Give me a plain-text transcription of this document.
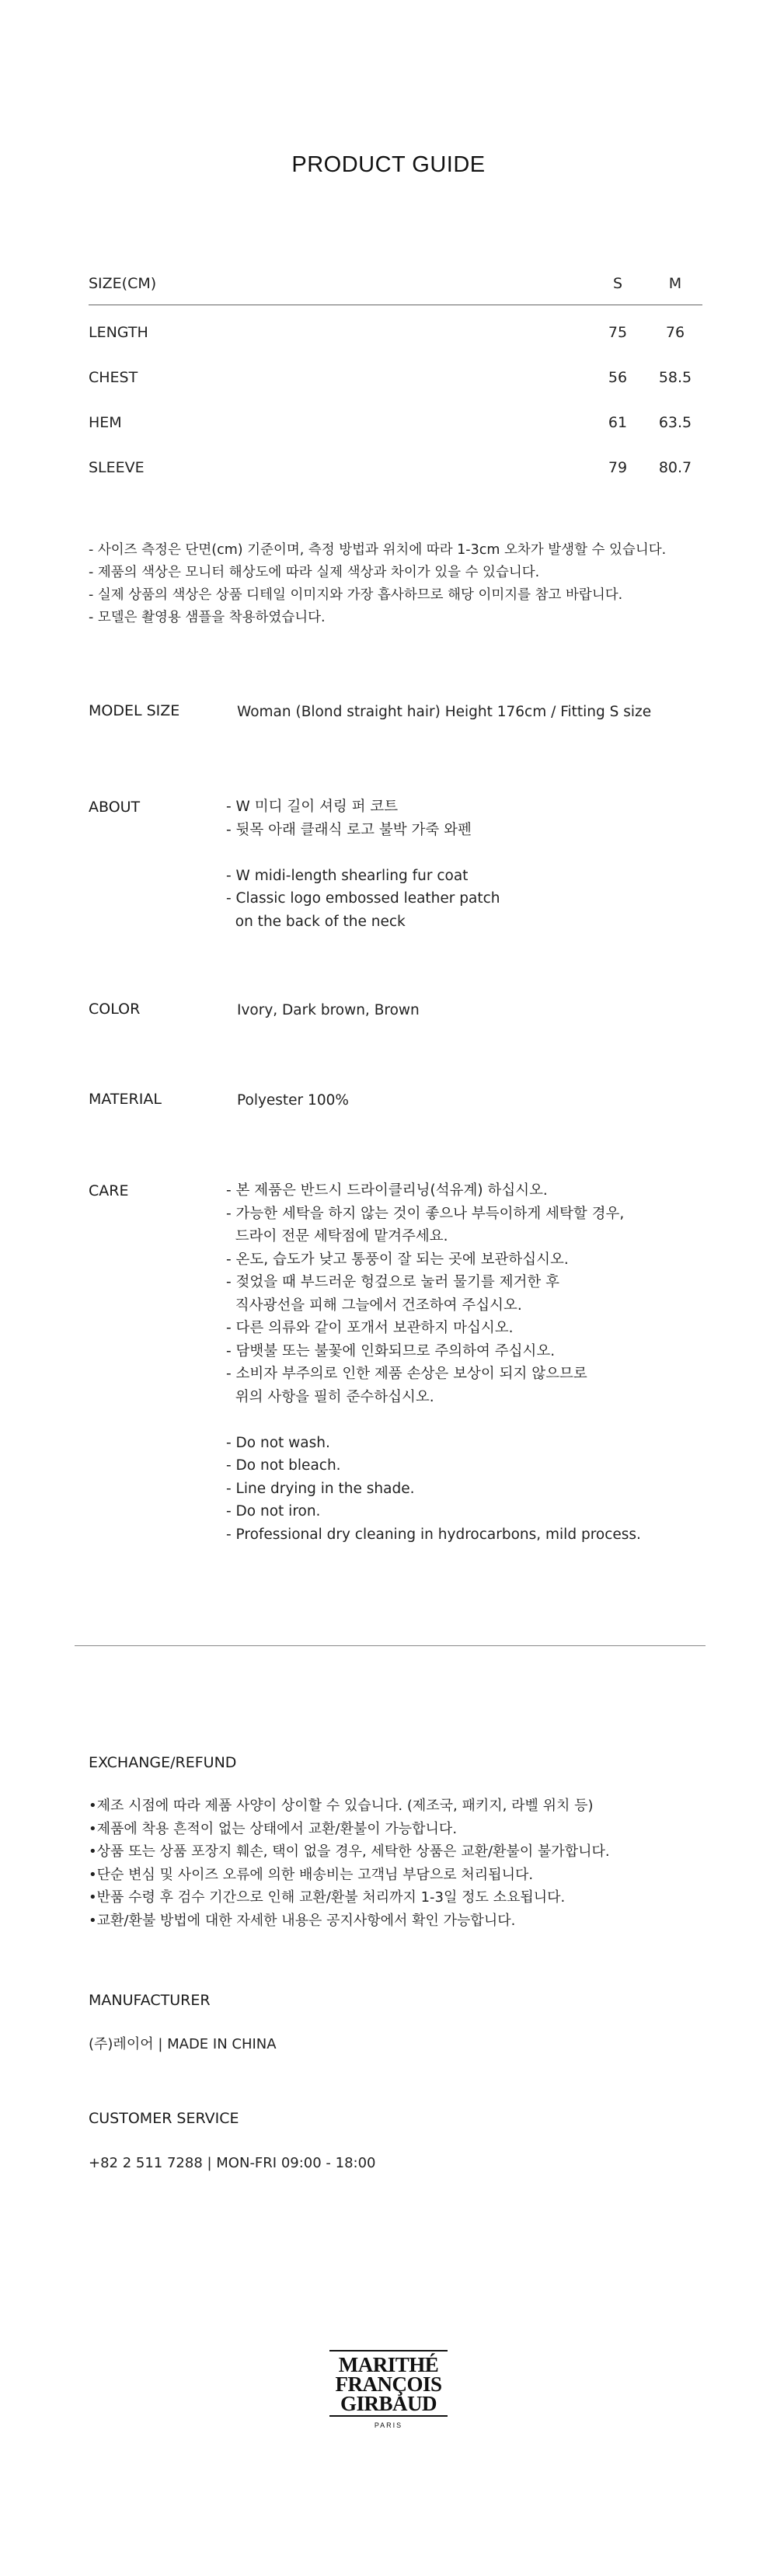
PRODUCT GUIDE
SIZE(CM)	S	M
LENGTH	75	76
CHEST	56	58.5
HEM	61	63.5
SLEEVE	79	80.7
- 사이즈 측정은 단면(cm) 기준이며, 측정 방법과 위치에 따라 1-3cm 오차가 발생할 수 있습니다.
- 제품의 색상은 모니터 해상도에 따라 실제 색상과 차이가 있을 수 있습니다.
- 실제 상품의 색상은 상품 디테일 이미지와 가장 흡사하므로 해당 이미지를 참고 바랍니다.
- 모델은 촬영용 샘플을 착용하였습니다.
MODEL SIZE	Woman (Blond straight hair) Height 176cm / Fitting S size
ABOUT	- W 미디 길이 셔링 퍼 코트
- 뒷목 아래 클래식 로고 불박 가죽 와펜

- W midi-length shearling fur coat
- Classic logo embossed leather patch
on the back of the neck
COLOR	Ivory, Dark brown, Brown
MATERIAL	Polyester 100%
CARE	- 본 제품은 반드시 드라이클리닝(석유계) 하십시오.
- 가능한 세탁을 하지 않는 것이 좋으나 부득이하게 세탁할 경우,
드라이 전문 세탁점에 맡겨주세요.
- 온도, 습도가 낮고 통풍이 잘 되는 곳에 보관하십시오.
- 젖었을 때 부드러운 헝겊으로 눌러 물기를 제거한 후
직사광선을 피해 그늘에서 건조하여 주십시오.
- 다른 의류와 같이 포개서 보관하지 마십시오.
- 담뱃불 또는 불꽃에 인화되므로 주의하여 주십시오.
- 소비자 부주의로 인한 제품 손상은 보상이 되지 않으므로
위의 사항을 필히 준수하십시오.

- Do not wash.
- Do not bleach.
- Line drying in the shade.
- Do not iron.
- Professional dry cleaning in hydrocarbons, mild process.
EXCHANGE/REFUND
•제조 시점에 따라 제품 사양이 상이할 수 있습니다. (제조국, 패키지, 라벨 위치 등)
•제품에 착용 흔적이 없는 상태에서 교환/환불이 가능합니다.
•상품 또는 상품 포장지 훼손, 택이 없을 경우, 세탁한 상품은 교환/환불이 불가합니다.
•단순 변심 및 사이즈 오류에 의한 배송비는 고객님 부담으로 처리됩니다.
•반품 수령 후 검수 기간으로 인해 교환/환불 처리까지 1-3일 정도 소요됩니다.
•교환/환불 방법에 대한 자세한 내용은 공지사항에서 확인 가능합니다.
MANUFACTURER
(주)레이어 | MADE IN CHINA
CUSTOMER SERVICE
+82 2 511 7288 | MON-FRI 09:00 - 18:00
MARITHÉ
FRANÇOIS
GIRBAUD
PARIS
